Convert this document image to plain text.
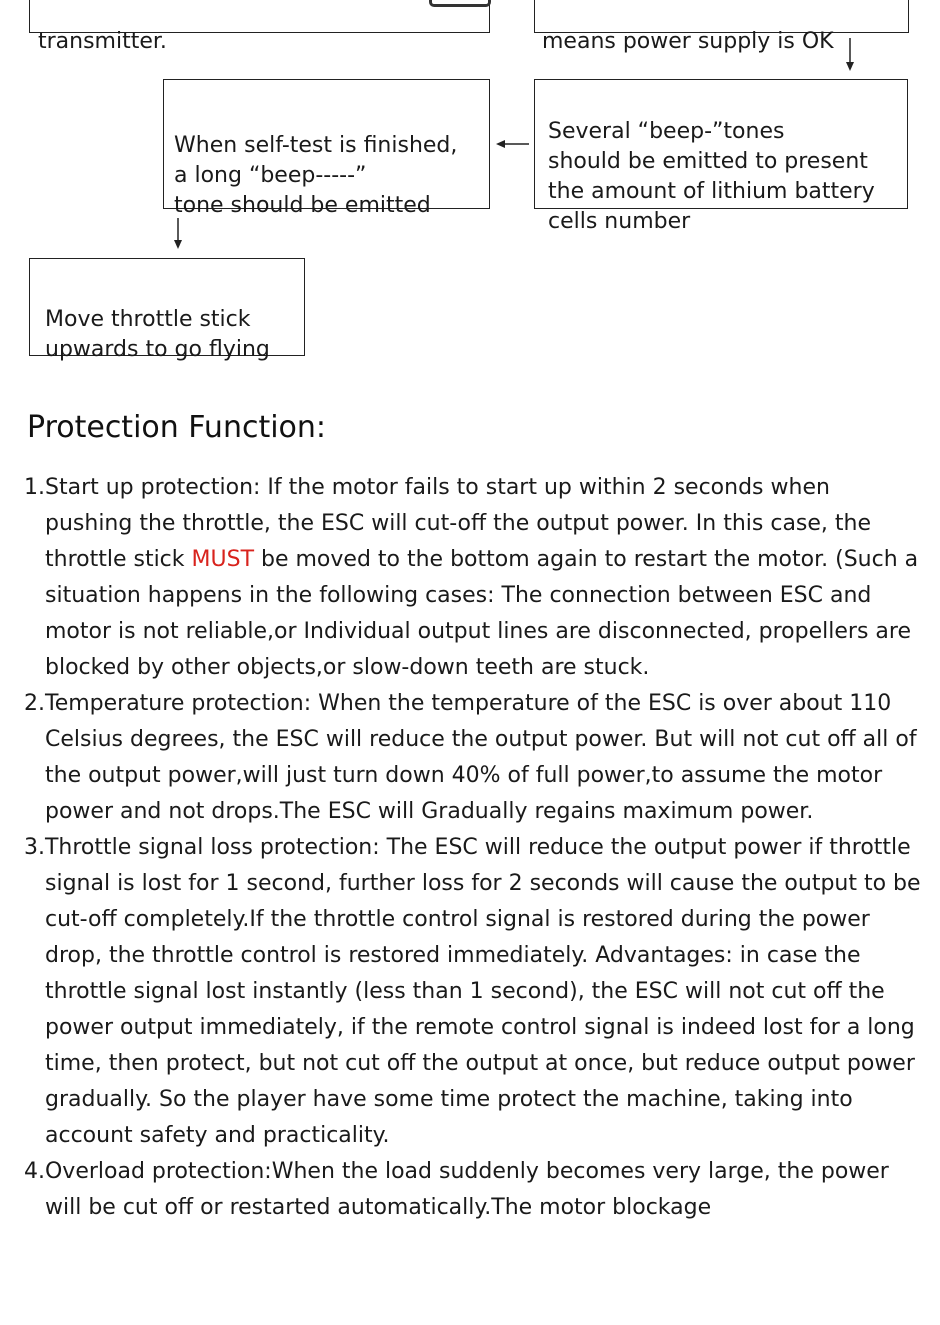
transmitter.	means power supply is OK

Several “beep-”tones
should be emitted to present
the amount of lithium battery
cells number

When self-test is finished,
a long “beep-----”
tone should be emitted

Move throttle stick
upwards to go flying

Protection Function:
1.Start up protection: If the motor fails to start up within 2 seconds when pushing the throttle, the ESC will cut-off the output power. In this case, the throttle stick MUST be moved to the bottom again to restart the motor. (Such a situation happens in the following cases: The connection between ESC and motor is not reliable,or Individual output lines are disconnected, propellers are blocked by other objects,or slow-down teeth are stuck.
2.Temperature protection: When the temperature of the ESC is over about 110 Celsius degrees, the ESC will reduce the output power. But will not cut off all of the output power,will just turn down 40% of full power,to assume the motor power and not drops.The ESC will Gradually regains maximum power.
3.Throttle signal loss protection: The ESC will reduce the output power if throttle signal is lost for 1 second, further loss for 2 seconds will cause the output to be cut-off completely.If the throttle control signal is restored during the power drop, the throttle control is restored immediately. Advantages: in case the throttle signal lost instantly (less than 1 second), the ESC will not cut off the power output immediately, if the remote control signal is indeed lost for a long time, then protect, but not cut off the output at once, but reduce output power gradually. So the player have some time protect the machine, taking into account safety and practicality.
4.Overload protection:When the load suddenly becomes very large, the power will be cut off or restarted automatically.The motor blockage
